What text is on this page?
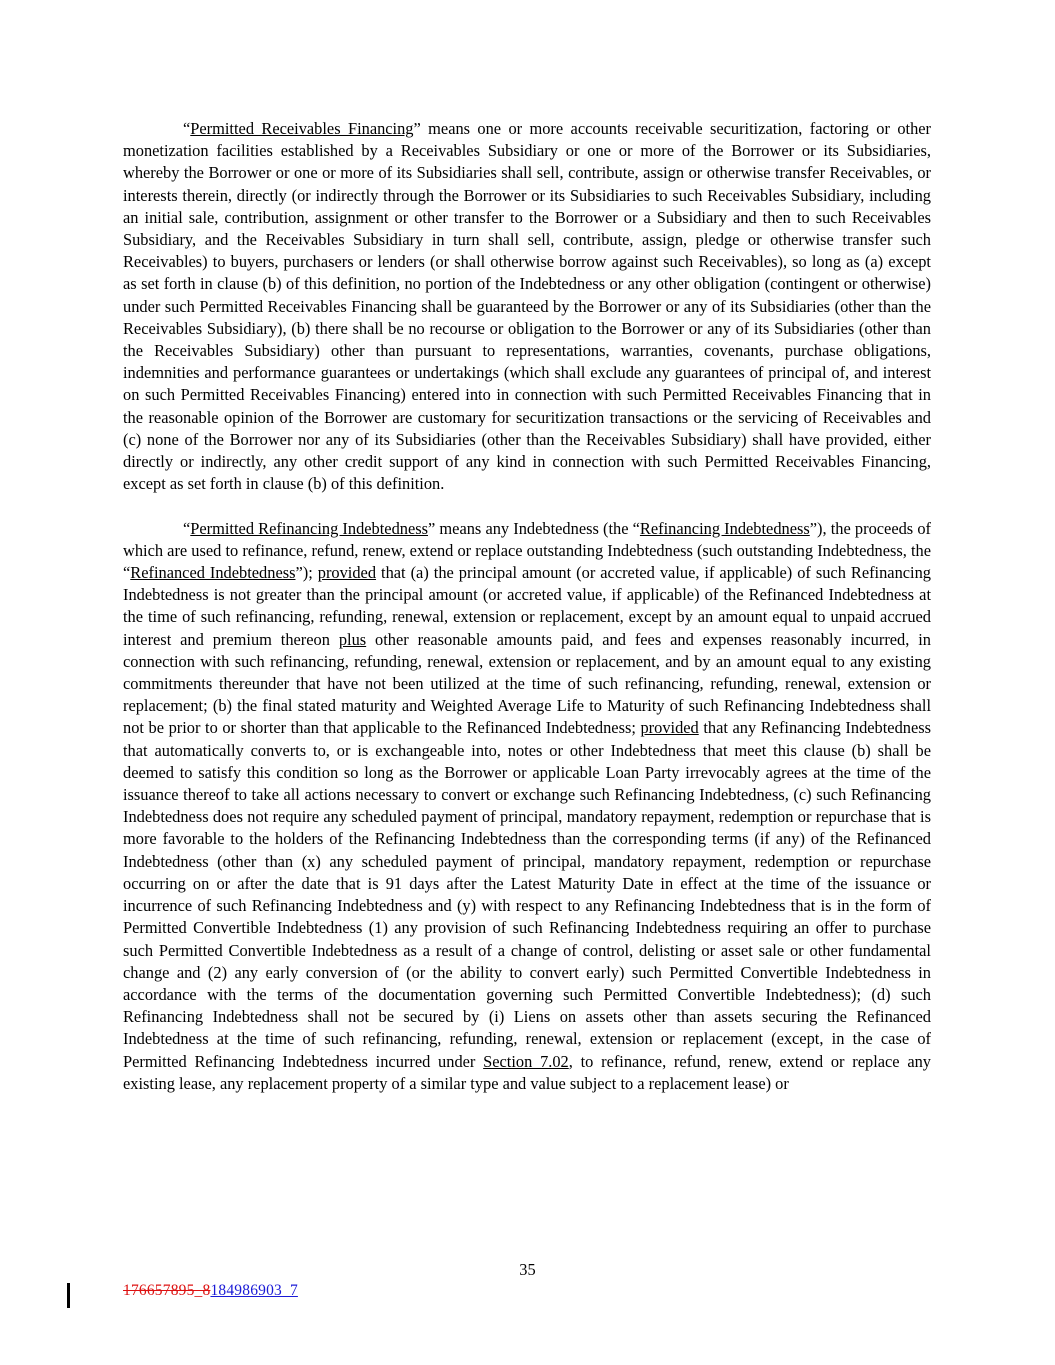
“Permitted Receivables Financing” means one or more accounts receivable securitization, factoring or other monetization facilities established by a Receivables Subsidiary or one or more of the Borrower or its Subsidiaries, whereby the Borrower or one or more of its Subsidiaries shall sell, contribute, assign or otherwise transfer Receivables, or interests therein, directly (or indirectly through the Borrower or its Subsidiaries to such Receivables Subsidiary, including an initial sale, contribution, assignment or other transfer to the Borrower or a Subsidiary and then to such Receivables Subsidiary, and the Receivables Subsidiary in turn shall sell, contribute, assign, pledge or otherwise transfer such Receivables) to buyers, purchasers or lenders (or shall otherwise borrow against such Receivables), so long as (a) except as set forth in clause (b) of this definition, no portion of the Indebtedness or any other obligation (contingent or otherwise) under such Permitted Receivables Financing shall be guaranteed by the Borrower or any of its Subsidiaries (other than the Receivables Subsidiary), (b) there shall be no recourse or obligation to the Borrower or any of its Subsidiaries (other than the Receivables Subsidiary) other than pursuant to representations, warranties, covenants, purchase obligations, indemnities and performance guarantees or undertakings (which shall exclude any guarantees of principal of, and interest on such Permitted Receivables Financing) entered into in connection with such Permitted Receivables Financing that in the reasonable opinion of the Borrower are customary for securitization transactions or the servicing of Receivables and (c) none of the Borrower nor any of its Subsidiaries (other than the Receivables Subsidiary) shall have provided, either directly or indirectly, any other credit support of any kind in connection with such Permitted Receivables Financing, except as set forth in clause (b) of this definition.

“Permitted Refinancing Indebtedness” means any Indebtedness (the “Refinancing Indebtedness”), the proceeds of which are used to refinance, refund, renew, extend or replace outstanding Indebtedness (such outstanding Indebtedness, the “Refinanced Indebtedness”); provided that (a) the principal amount (or accreted value, if applicable) of such Refinancing Indebtedness is not greater than the principal amount (or accreted value, if applicable) of the Refinanced Indebtedness at the time of such refinancing, refunding, renewal, extension or replacement, except by an amount equal to unpaid accrued interest and premium thereon plus other reasonable amounts paid, and fees and expenses reasonably incurred, in connection with such refinancing, refunding, renewal, extension or replacement, and by an amount equal to any existing commitments thereunder that have not been utilized at the time of such refinancing, refunding, renewal, extension or replacement; (b) the final stated maturity and Weighted Average Life to Maturity of such Refinancing Indebtedness shall not be prior to or shorter than that applicable to the Refinanced Indebtedness; provided that any Refinancing Indebtedness that automatically converts to, or is exchangeable into, notes or other Indebtedness that meet this clause (b) shall be deemed to satisfy this condition so long as the Borrower or applicable Loan Party irrevocably agrees at the time of the issuance thereof to take all actions necessary to convert or exchange such Refinancing Indebtedness, (c) such Refinancing Indebtedness does not require any scheduled payment of principal, mandatory repayment, redemption or repurchase that is more favorable to the holders of the Refinancing Indebtedness than the corresponding terms (if any) of the Refinanced Indebtedness (other than (x) any scheduled payment of principal, mandatory repayment, redemption or repurchase occurring on or after the date that is 91 days after the Latest Maturity Date in effect at the time of the issuance or incurrence of such Refinancing Indebtedness and (y) with respect to any Refinancing Indebtedness that is in the form of Permitted Convertible Indebtedness (1) any provision of such Refinancing Indebtedness requiring an offer to purchase such Permitted Convertible Indebtedness as a result of a change of control, delisting or asset sale or other fundamental change and (2) any early conversion of (or the ability to convert early) such Permitted Convertible Indebtedness in accordance with the terms of the documentation governing such Permitted Convertible Indebtedness); (d) such Refinancing Indebtedness shall not be secured by (i) Liens on assets other than assets securing the Refinanced Indebtedness at the time of such refinancing, refunding, renewal, extension or replacement (except, in the case of Permitted Refinancing Indebtedness incurred under Section 7.02, to refinance, refund, renew, extend or replace any existing lease, any replacement property of a similar type and value subject to a replacement lease) or

35
176657895_8184986903_7
